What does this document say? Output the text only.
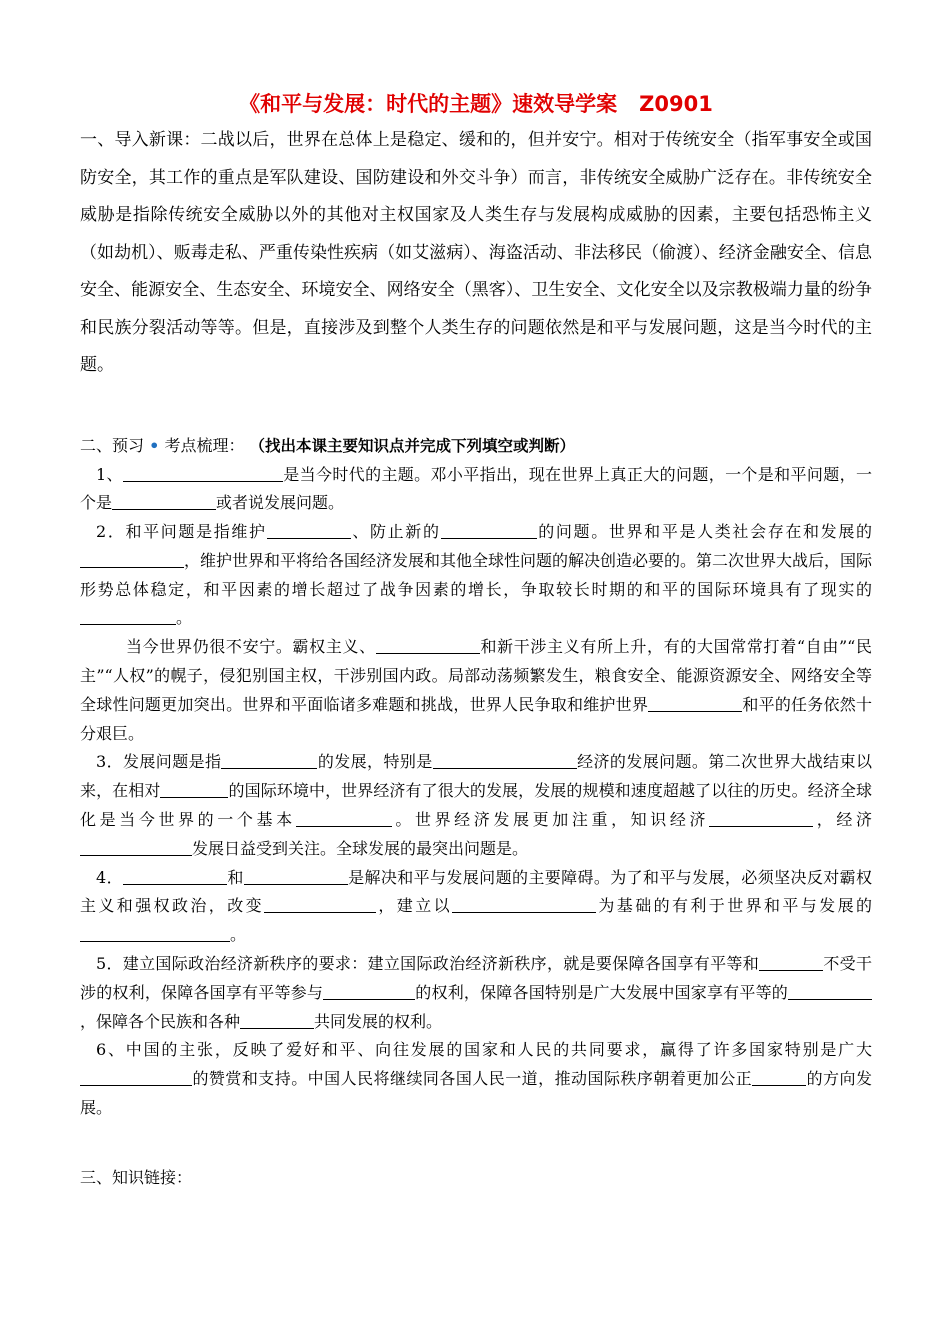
《和平与发展：时代的主题》速效导学案 Z0901

一、导入新课：二战以后，世界在总体上是稳定、缓和的，但并安宁。相对于传统安全（指军事安全或国防安全，其工作的重点是军队建设、国防建设和外交斗争）而言，非传统安全威胁广泛存在。非传统安全威胁是指除传统安全威胁以外的其他对主权国家及人类生存与发展构成威胁的因素，主要包括恐怖主义（如劫机）、贩毒走私、严重传染性疾病（如艾滋病）、海盗活动、非法移民（偷渡）、经济金融安全、信息安全、能源安全、生态安全、环境安全、网络安全（黑客）、卫生安全、文化安全以及宗教极端力量的纷争和民族分裂活动等等。但是，直接涉及到整个人类生存的问题依然是和平与发展问题，这是当今时代的主题。

二、预习 • 考点梳理： （找出本课主要知识点并完成下列填空或判断）

1、	是当今时代的主题。邓小平指出，现在世界上真正大的问题，一个是和平问题，一个是	或者说发展问题。

2．和平问题是指维护	、防止新的	的问题。世界和平是人类社会存在和发展的，维护世界和平将给各国经济发展和其他全球性问题的解决创造必要的。第二次世界大战后，国际形势总体稳定，和平因素的增长超过了战争因素的增长，争取较长时期的和平的国际环境具有了现实的。

当今世界仍很不安宁。霸权主义、	和新干涉主义有所上升，有的大国常常打着“自由”“民主”“人权”的幌子，侵犯别国主权，干涉别国内政。局部动荡频繁发生，粮食安全、能源资源安全、网络安全等全球性问题更加突出。世界和平面临诸多难题和挑战，世界人民争取和维护世界	和平的任务依然十分艰巨。

3．发展问题是指	的发展，特别是	经济的发展问题。第二次世界大战结束以来，在相对	的国际环境中，世界经济有了很大的发展，发展的规模和速度超越了以往的历史。经济全球化是当今世界的一个基本	。世界经济发展更加注重，知识经济	，经济发展日益受到关注。全球发展的最突出问题是。

4．	和	是解决和平与发展问题的主要障碍。为了和平与发展，必须坚决反对霸权主义和强权政治，改变	，建立以	为基础的有利于世界和平与发展的。

5．建立国际政治经济新秩序的要求：建立国际政治经济新秩序，就是要保障各国享有平等和	不受干涉的权利，保障各国享有平等参与	的权利，保障各国特别是广大发展中国家享有平等的，保障各个民族和各种	共同发展的权利。

6、中国的主张，反映了爱好和平、向往发展的国家和人民的共同要求，赢得了许多国家特别是广大的赞赏和支持。中国人民将继续同各国人民一道，推动国际秩序朝着更加公正	的方向发展。

三、知识链接：
